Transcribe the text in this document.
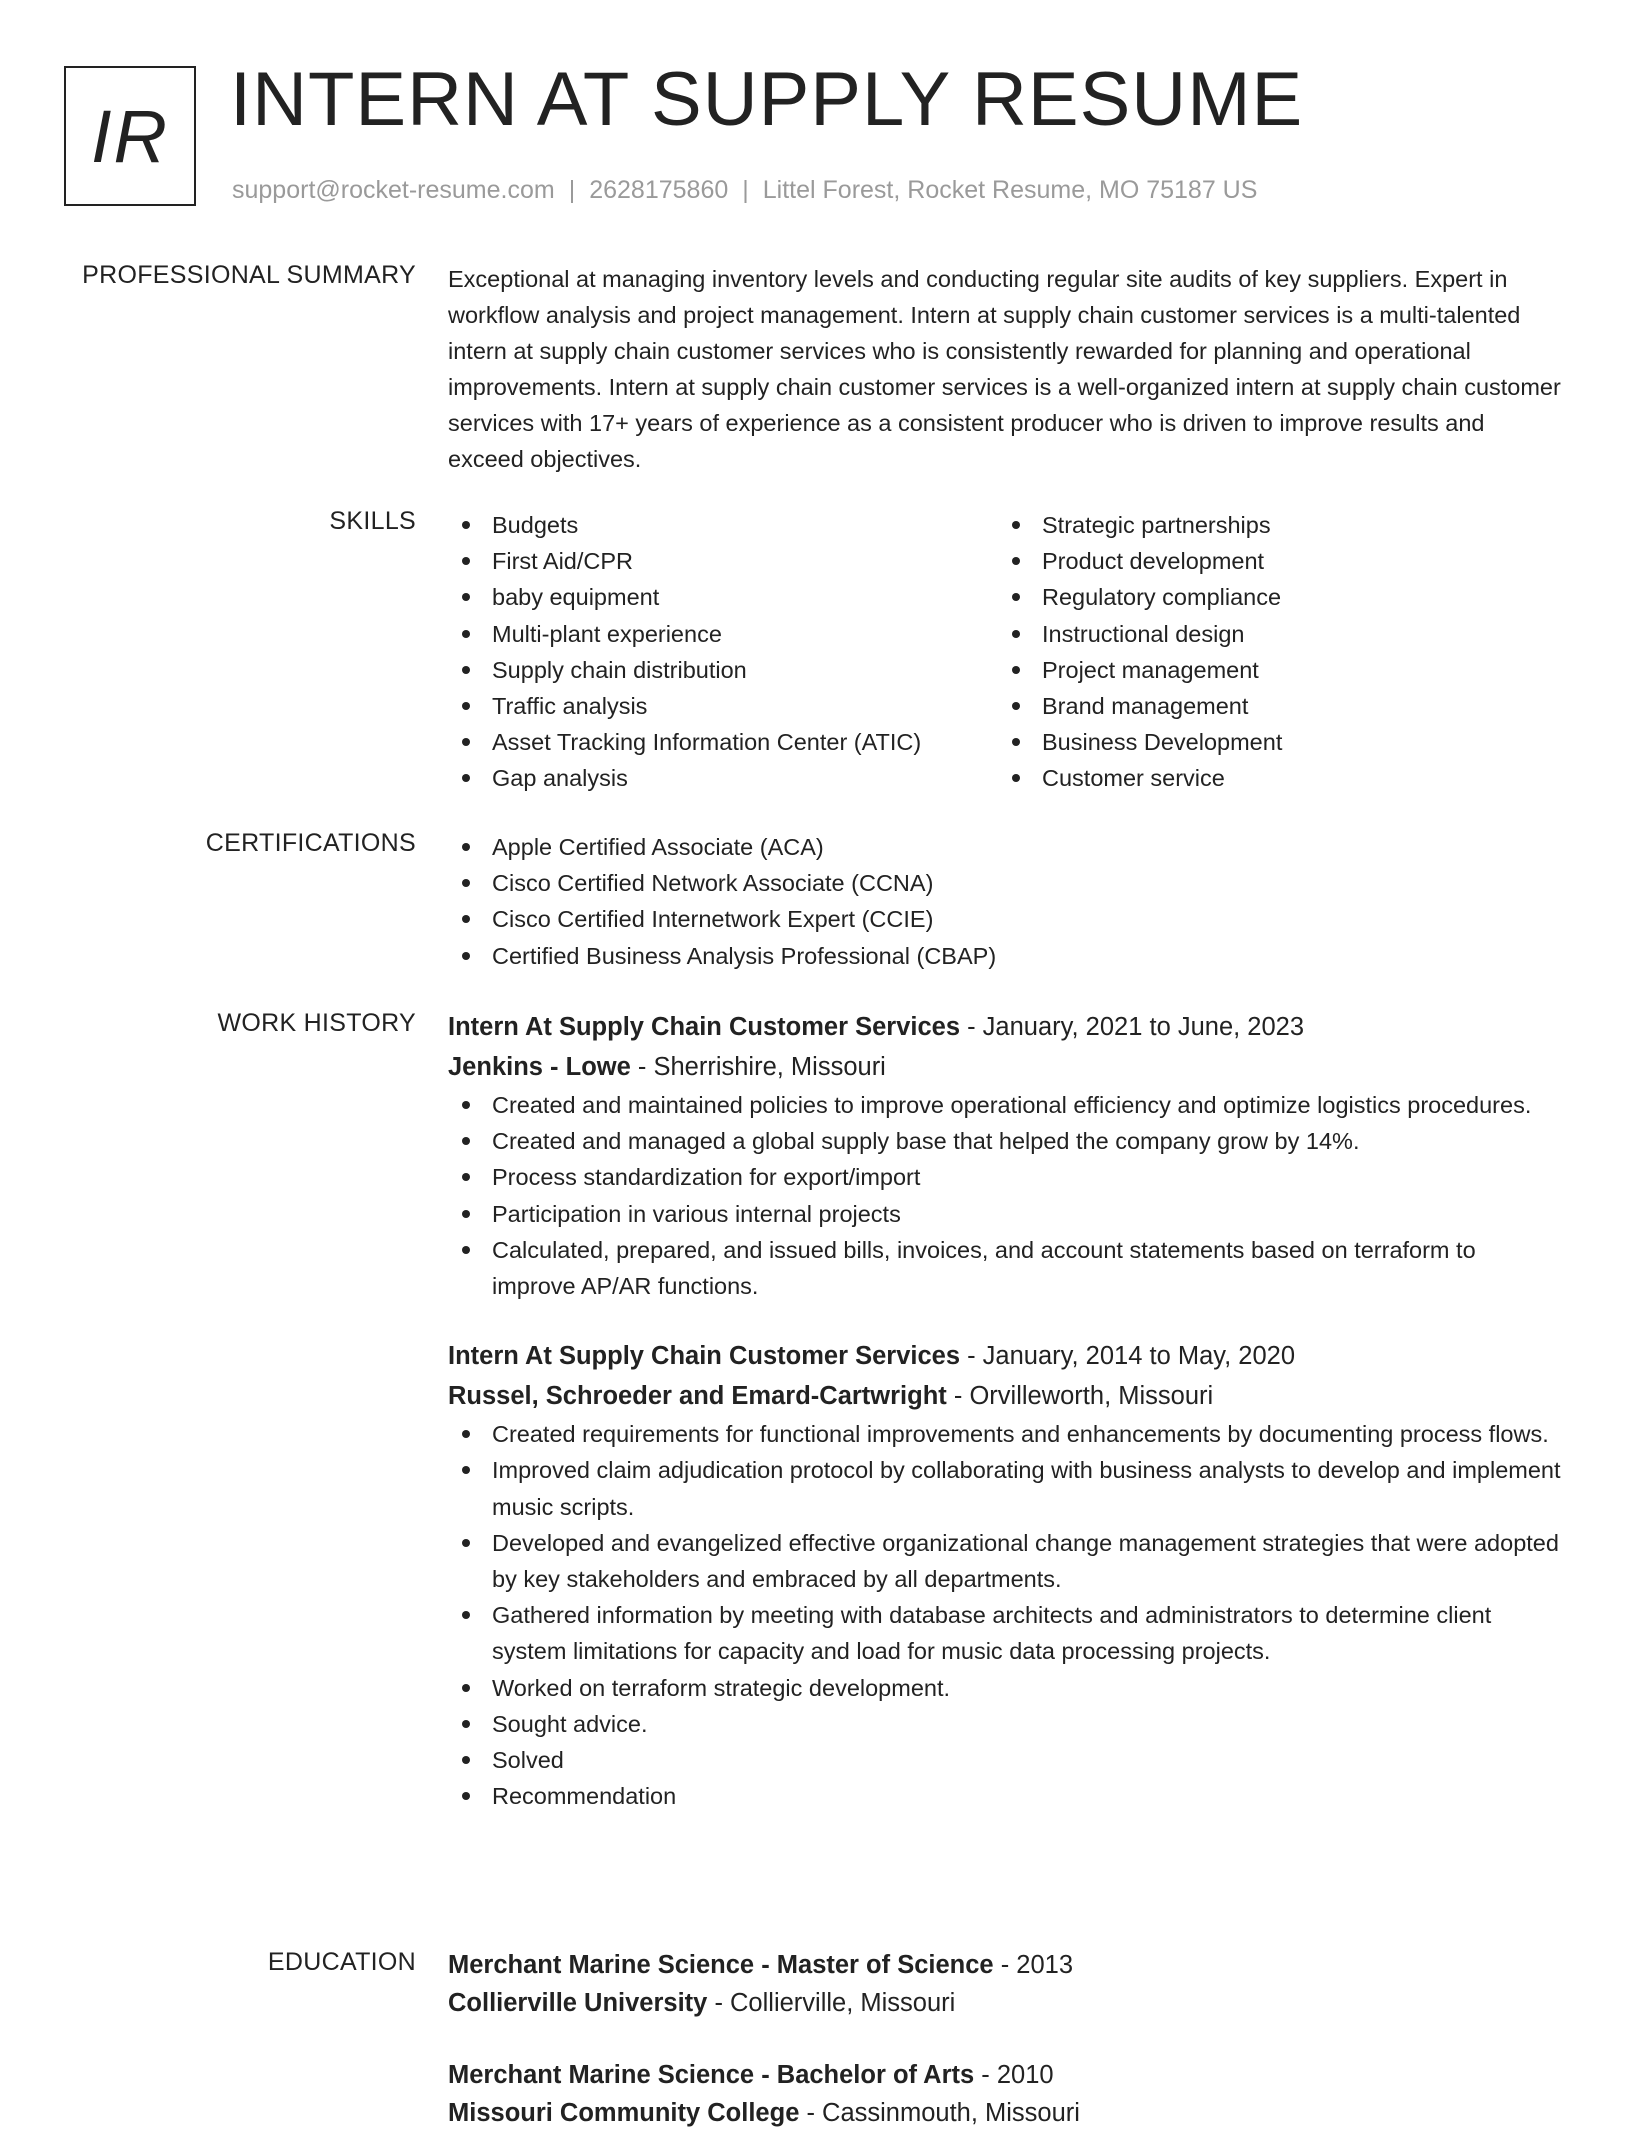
IR INTERN AT SUPPLY RESUME
support@rocket-resume.com | 2628175860 | Littel Forest, Rocket Resume, MO 75187 US
PROFESSIONAL SUMMARY Exceptional at managing inventory levels and conducting regular site audits of key suppliers. Expert in workflow analysis and project management. Intern at supply chain customer services is a multi-talented intern at supply chain customer services who is consistently rewarded for planning and operational improvements. Intern at supply chain customer services is a well-organized intern at supply chain customer services with 17+ years of experience as a consistent producer who is driven to improve results and exceed objectives.

SKILLS	Budgets
First Aid/CPR
baby equipment
Multi-plant experience
Supply chain distribution
Traffic analysis
Asset Tracking Information Center (ATIC)
Gap analysis
Strategic partnerships
Product development
Regulatory compliance
Instructional design
Project management
Brand management
Business Development
Customer service
CERTIFICATIONS	Apple Certified Associate (ACA)
Cisco Certified Network Associate (CCNA)
Cisco Certified Internetwork Expert (CCIE)
Certified Business Analysis Professional (CBAP)
WORK HISTORY Intern At Supply Chain Customer Services - January, 2021 to June, 2023

Jenkins - Lowe - Sherrishire, Missouri

Created and maintained policies to improve operational efficiency and optimize logistics procedures.
Created and managed a global supply base that helped the company grow by 14%.
Process standardization for export/import
Participation in various internal projects
Calculated, prepared, and issued bills, invoices, and account statements based on terraform to improve AP/AR functions.

Intern At Supply Chain Customer Services - January, 2014 to May, 2020

Russel, Schroeder and Emard-Cartwright - Orvilleworth, Missouri

Created requirements for functional improvements and enhancements by documenting process flows.
Improved claim adjudication protocol by collaborating with business analysts to develop and implement music scripts.
Developed and evangelized effective organizational change management strategies that were adopted by key stakeholders and embraced by all departments.
Gathered information by meeting with database architects and administrators to determine client system limitations for capacity and load for music data processing projects.
Worked on terraform strategic development.
Sought advice.
Solved
Recommendation
EDUCATION Merchant Marine Science - Master of Science - 2013

Collierville University - Collierville, Missouri

Merchant Marine Science - Bachelor of Arts - 2010

Missouri Community College - Cassinmouth, Missouri
